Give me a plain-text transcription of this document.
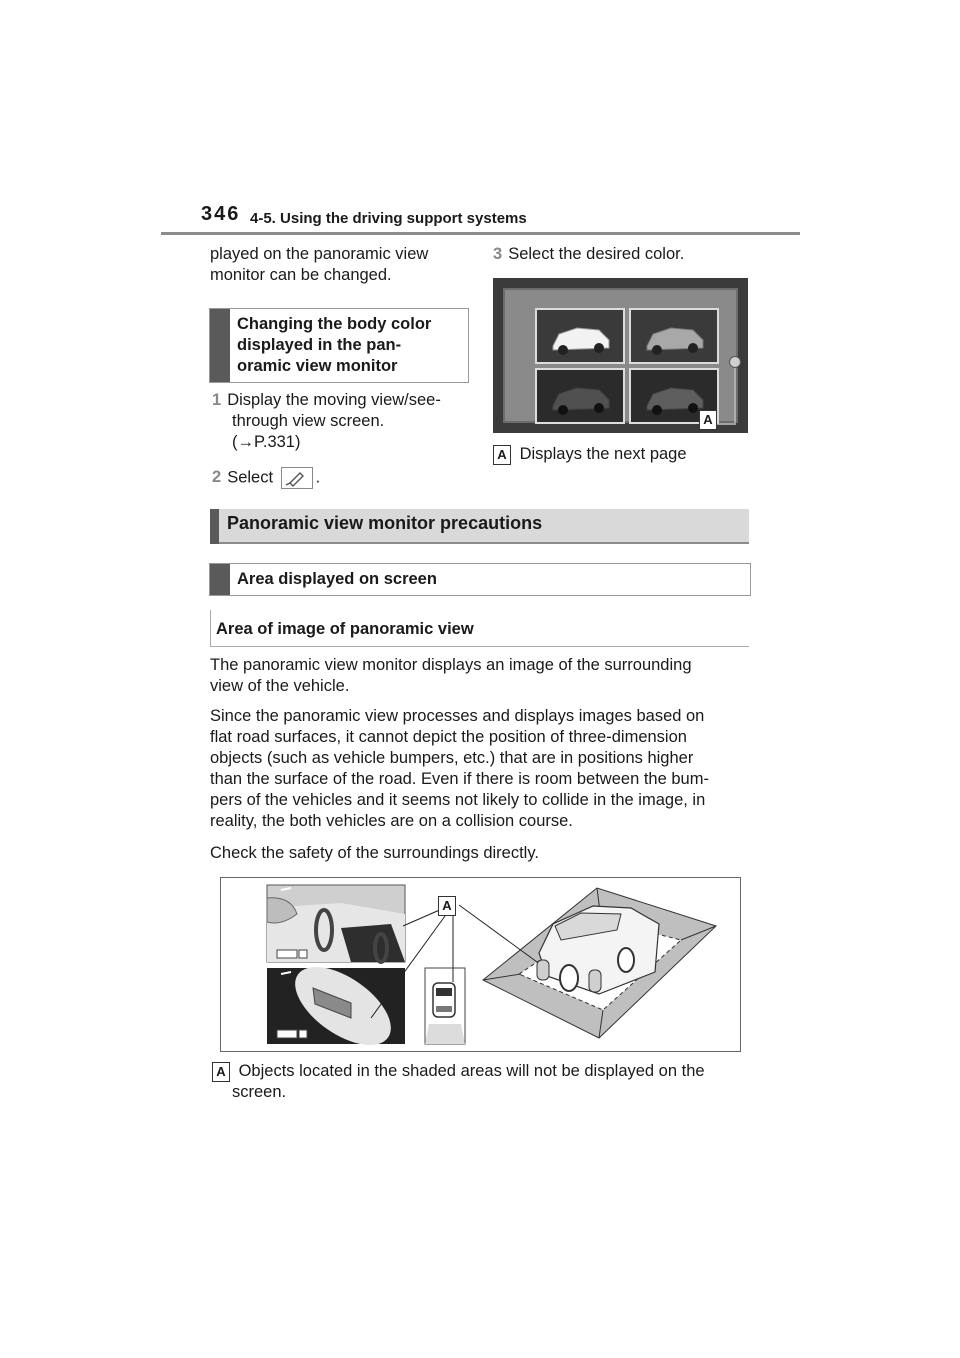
346 4-5. Using the driving support systems
played on the panoramic view
monitor can be changed.
Changing the body color
displayed in the pan-
oramic view monitor
1 Display the moving view/see-
through view screen.
(→P.331)
2 Select	.
3 Select the desired color.
A
A Displays the next page
Panoramic view monitor precautions
Area displayed on screen
Area of image of panoramic view
The panoramic view monitor displays an image of the surrounding
view of the vehicle.
Since the panoramic view processes and displays images based on
flat road surfaces, it cannot depict the position of three-dimension
objects (such as vehicle bumpers, etc.) that are in positions higher
than the surface of the road. Even if there is room between the bum-
pers of the vehicles and it seems not likely to collide in the image, in
reality, the both vehicles are on a collision course.
Check the safety of the surroundings directly.
A
A Objects located in the shaded areas will not be displayed on the
screen.
